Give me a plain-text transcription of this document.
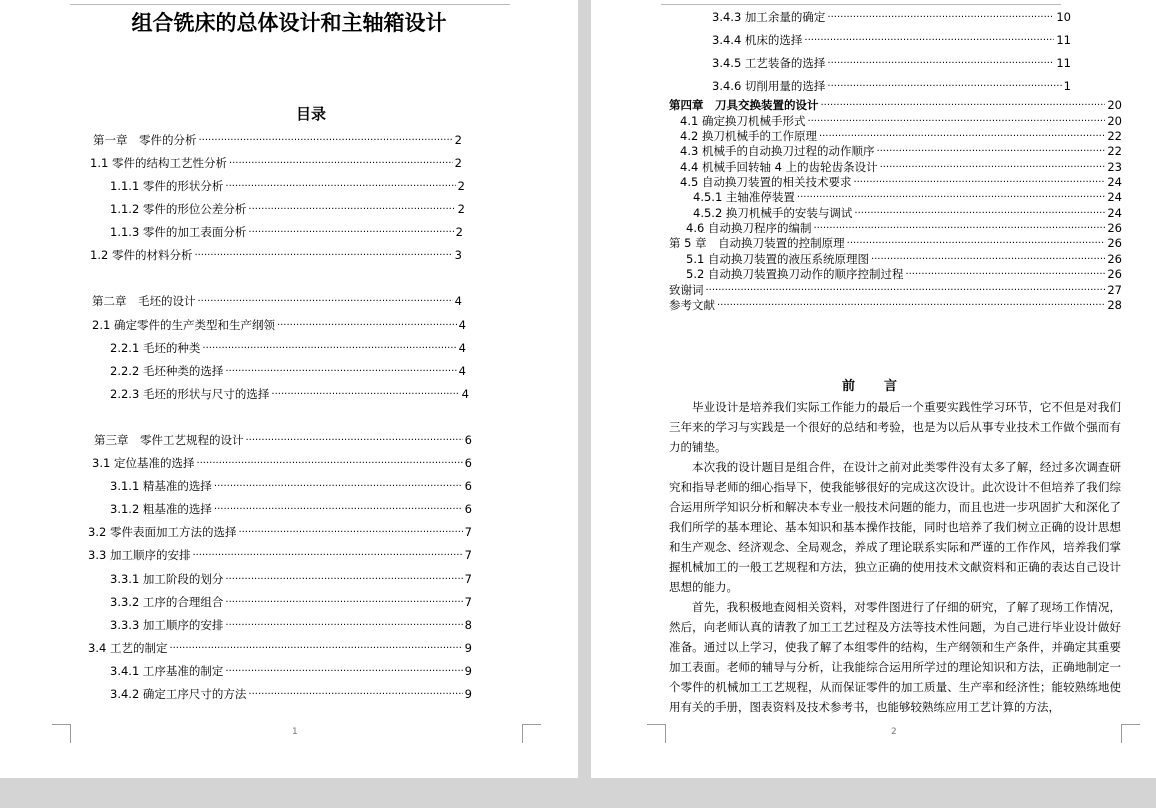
组合铣床的总体设计和主轴箱设计
目录
第一章　零件的分析 ·····	2
1.1 零件的结构工艺性分析 ·····	2
1.1.1 零件的形状分析 ·····	2
1.1.2 零件的形位公差分析 ·····	2
1.1.3 零件的加工表面分析 ·····	2
1.2 零件的材料分析 ·····	3
第二章　毛坯的设计 ·····	4
2.1 确定零件的生产类型和生产纲领 ·····	4
2.2.1 毛坯的种类 ·····	4
2.2.2 毛坯种类的选择 ·····	4
2.2.3 毛坯的形状与尺寸的选择 ·····	4
第三章　零件工艺规程的设计 ·····	6
3.1 定位基准的选择 ·····	6
3.1.1 精基准的选择 ·····	6
3.1.2 粗基准的选择 ·····	6
3.2 零件表面加工方法的选择 ·····	7
3.3 加工顺序的安排 ·····	7
3.3.1 加工阶段的划分 ·····	7
3.3.2 工序的合理组合 ·····	7
3.3.3 加工顺序的安排 ·····	8
3.4 工艺的制定 ·····	9
3.4.1 工序基准的制定 ·····	9
3.4.2 确定工序尺寸的方法 ·····	9
1
3.4.3 加工余量的确定 ·····	10
3.4.4 机床的选择 ·····	11
3.4.5 工艺装备的选择 ·····	11
3.4.6 切削用量的选择 ·····	1
第四章　刀具交换装置的设计 ·····	20
4.1 确定换刀机械手形式 ·····	20
4.2 换刀机械手的工作原理 ·····	22
4.3 机械手的自动换刀过程的动作顺序 ·····	22
4.4 机械手回转轴 4 上的齿轮齿条设计 ·····	23
4.5 自动换刀装置的相关技术要求 ·····	24
4.5.1 主轴准停装置 ·····	24
4.5.2 换刀机械手的安装与调试 ·····	24
4.6 自动换刀程序的编制 ·····	26
第 5 章　自动换刀装置的控制原理 ·····	26
5.1 自动换刀装置的液压系统原理图 ·····	26
5.2 自动换刀装置换刀动作的顺序控制过程 ·····	26
致谢词 ·····	27
参考文献 ·····	28
前　言

毕业设计是培养我们实际工作能力的最后一个重要实践性学习环节，它不但是对我们三年来的学习与实践是一个很好的总结和考验，也是为以后从事专业技术工作做个强而有力的铺垫。

本次我的设计题目是组合件，在设计之前对此类零件没有太多了解，经过多次调查研究和指导老师的细心指导下，使我能够很好的完成这次设计。此次设计不但培养了我们综合运用所学知识分析和解决本专业一般技术问题的能力，而且也进一步巩固扩大和深化了我们所学的基本理论、基本知识和基本操作技能，同时也培养了我们树立正确的设计思想和生产观念、经济观念、全局观念，养成了理论联系实际和严谨的工作作风，培养我们掌握机械加工的一般工艺规程和方法，独立正确的使用技术文献资料和正确的表达自己设计思想的能力。

首先，我积极地查阅相关资料，对零件图进行了仔细的研究，了解了现场工作情况，然后，向老师认真的请教了加工工艺过程及方法等技术性问题，为自己进行毕业设计做好准备。通过以上学习，使我了解了本组零件的结构，生产纲领和生产条件，并确定其重要加工表面。老师的辅导与分析，让我能综合运用所学过的理论知识和方法，正确地制定一个零件的机械加工工艺规程，从而保证零件的加工质量、生产率和经济性；能较熟练地使用有关的手册，图表资料及技术参考书，也能够较熟练应用工艺计算的方法，

2
